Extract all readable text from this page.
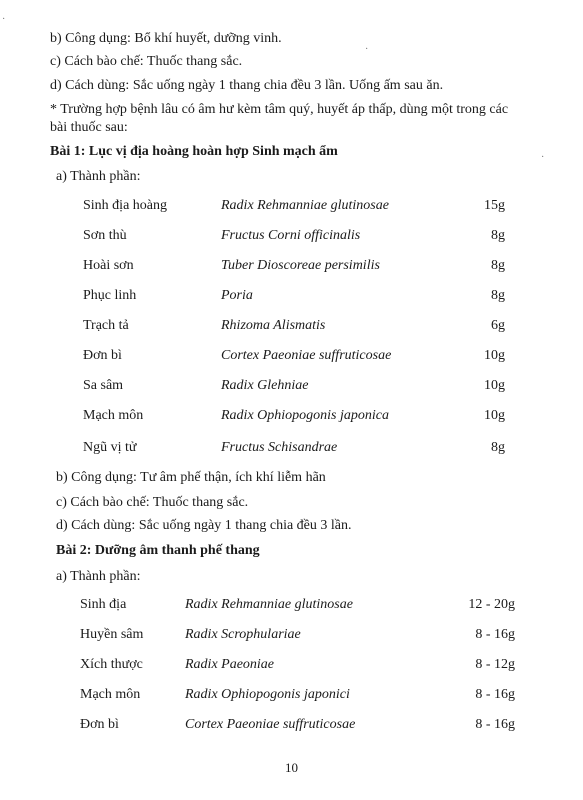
b) Công dụng: Bổ khí huyết, dưỡng vinh.
c) Cách bào chế: Thuốc thang sắc.
d) Cách dùng: Sắc uống ngày 1 thang chia đều 3 lần. Uống ấm sau ăn.
* Trường hợp bệnh lâu có âm hư kèm tâm quý, huyết áp thấp, dùng một trong các
bài thuốc sau:
Bài 1: Lục vị địa hoàng hoàn hợp Sinh mạch ẩm
a) Thành phần:
Sinh địa hoàng	Radix Rehmanniae glutinosae	15g
Sơn thù	Fructus Corni officinalis	8g
Hoài sơn	Tuber Dioscoreae persimilis	8g
Phục linh	Poria	8g
Trạch tả	Rhizoma Alismatis	6g
Đơn bì	Cortex Paeoniae suffruticosae	10g
Sa sâm	Radix Glehniae	10g
Mạch môn	Radix Ophiopogonis japonica	10g
Ngũ vị tử	Fructus Schisandrae	8g
b) Công dụng: Tư âm phế thận, ích khí liễm hãn
c) Cách bào chế: Thuốc thang sắc.
d) Cách dùng: Sắc uống ngày 1 thang chia đều 3 lần.
Bài 2: Dưỡng âm thanh phế thang
a) Thành phần:
Sinh địa	Radix Rehmanniae glutinosae	12 - 20g
Huyền sâm	Radix Scrophulariae	8 - 16g
Xích thược	Radix Paeoniae	8 - 12g
Mạch môn	Radix Ophiopogonis japonici	8 - 16g
Đơn bì	Cortex Paeoniae suffruticosae	8 - 16g
10
·
·
·
